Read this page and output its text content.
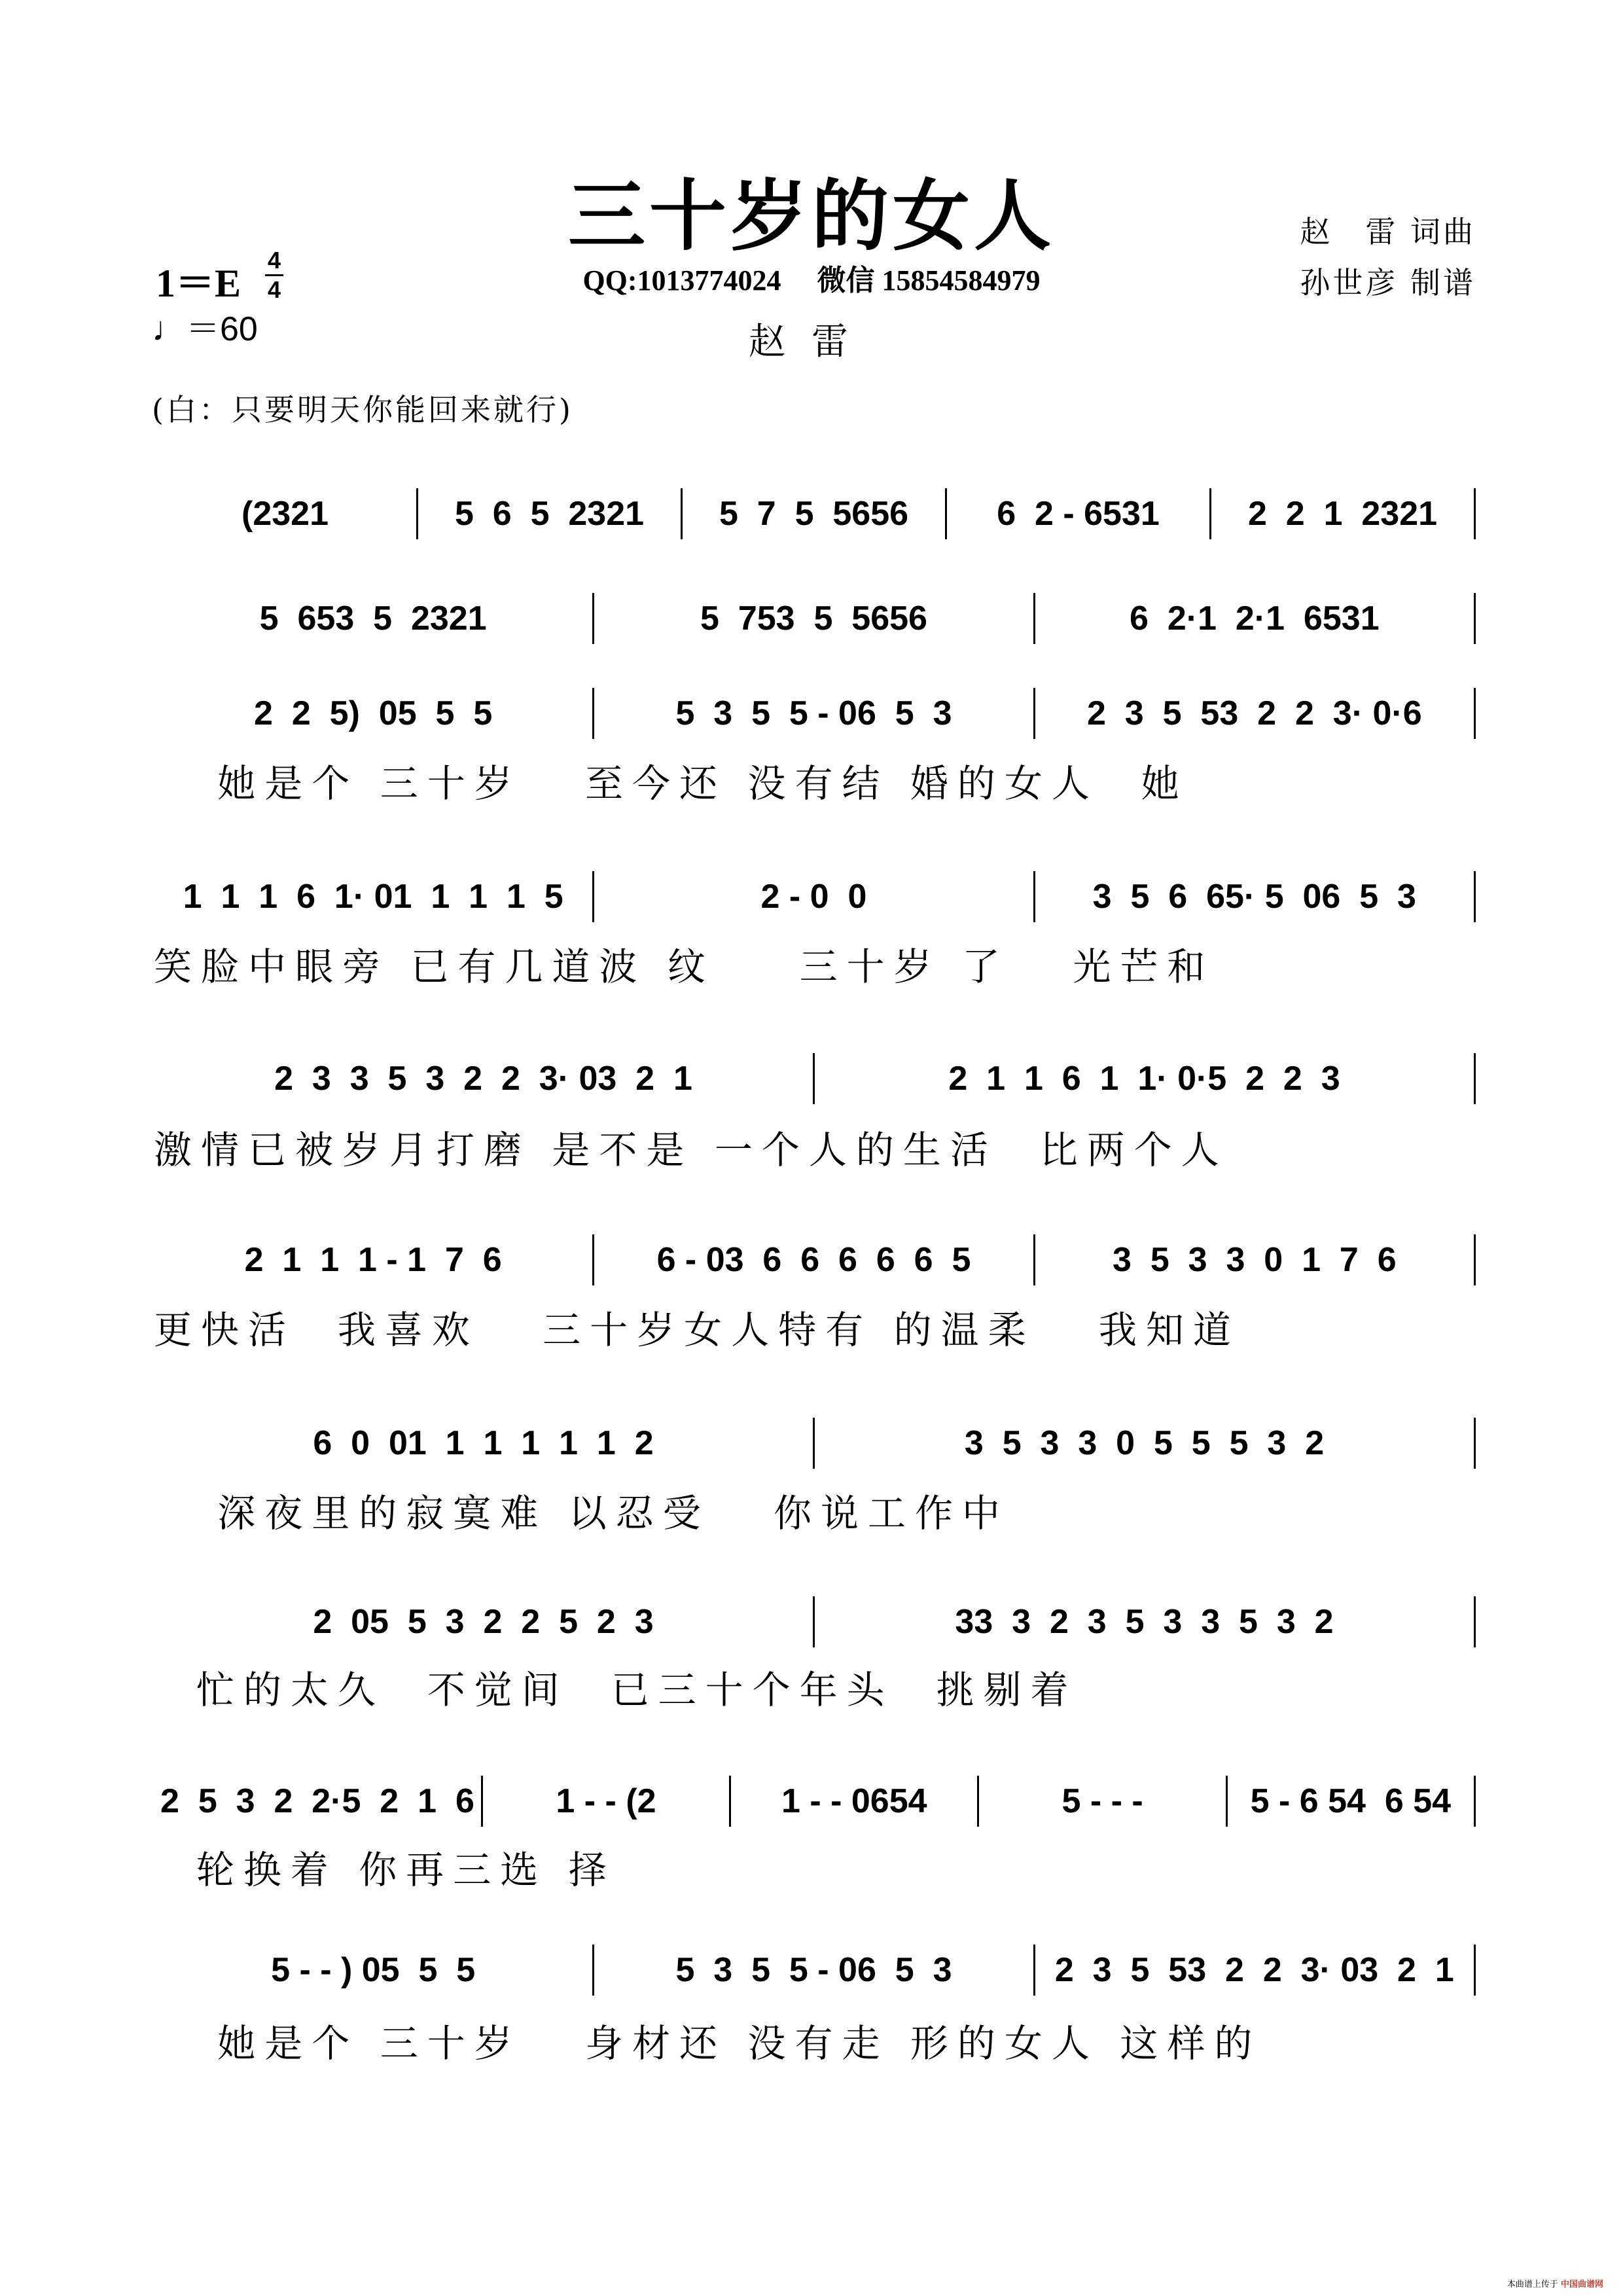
三十岁的女人	赵　雷 词曲
孙世彦 制谱
1＝E
4
4
♩＝60
QQ:1013774024　 微信 15854584979
赵雷
(白：只要明天你能回来就行)
(2321	5  6  5  2321	5  7  5  5656	6  2 - 6531	2  2  1  2321
5  653  5  2321	5  753  5  5656	6  2·1  2·1  6531
2  2  5)  05  5  5	5  3  5  5 - 06  5  3	2  3  5  53  2  2  3· 0·6
她是个 三十岁   至今还 没有结 婚的女人  她
1  1  1  6  1· 01  1  1  1  5	2 - 0  0	3  5  6  65· 5  06  5  3
笑脸中眼旁 已有几道波 纹    三十岁 了   光芒和
2  3  3  5  3  2  2  3· 03  2  1	2  1  1  6  1  1· 0·5  2  2  3
激情已被岁月打磨 是不是 一个人的生活  比两个人
2  1  1  1 - 1  7  6	6 - 03  6  6  6  6  6  5	3  5  3  3  0  1  7  6
更快活  我喜欢   三十岁女人特有 的温柔   我知道
6  0  01  1  1  1  1  1  2	3  5  3  3  0  5  5  5  3  2
深夜里的寂寞难 以忍受   你说工作中
2  05  5  3  2  2  5  2  3	33  3  2  3  5  3  3  5  3  2
忙的太久  不觉间  已三十个年头  挑剔着
2  5  3  2  2·5  2  1  6	1 - - (2	1 - - 0654	5 - - -	5 - 6 54  6 54
轮换着 你再三选 择
5 - - ) 05  5  5	5  3  5  5 - 06  5  3	2  3  5  53  2  2  3· 03  2  1
她是个 三十岁   身材还 没有走 形的女人 这样的
本曲谱上传于 中国曲谱网
